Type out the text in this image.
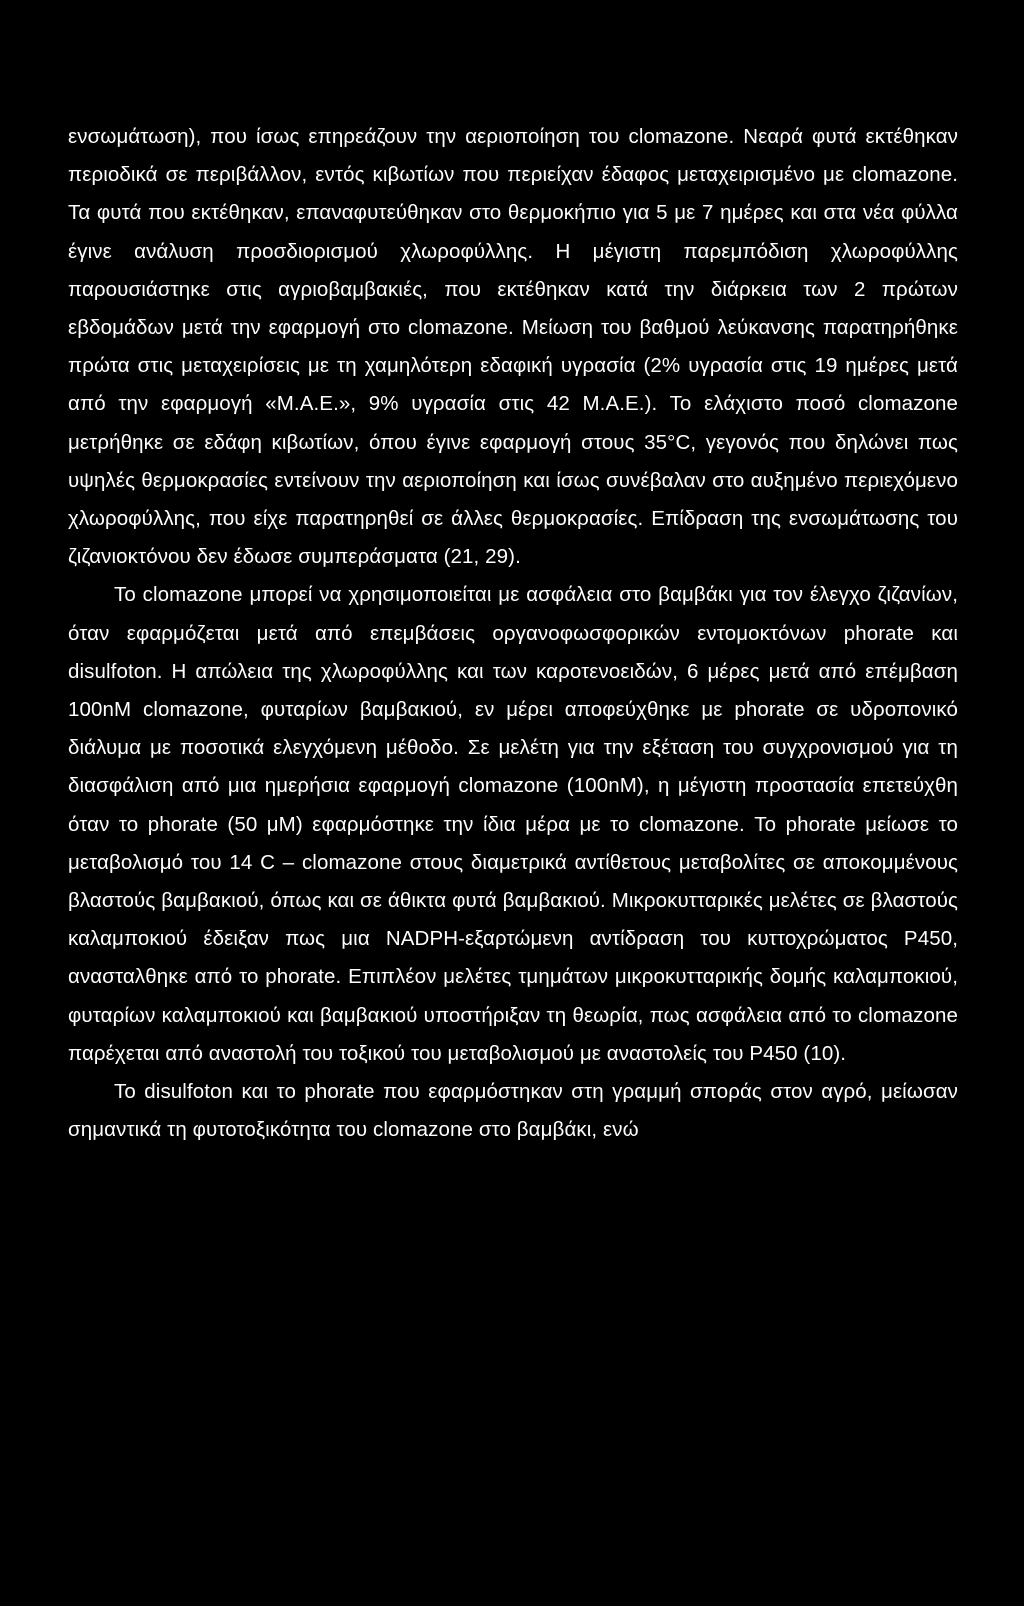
ενσωμάτωση), που ίσως επηρεάζουν την αεριοποίηση του clomazone. Νεαρά φυτά εκτέθηκαν περιοδικά σε περιβάλλον, εντός κιβωτίων που περιείχαν έδαφος μεταχειρισμένο με clomazone. Τα φυτά που εκτέθηκαν, επαναφυτεύθηκαν στο θερμοκήπιο για 5 με 7 ημέρες και στα νέα φύλλα έγινε ανάλυση προσδιορισμού χλωροφύλλης. Η μέγιστη παρεμπόδιση χλωροφύλλης παρουσιάστηκε στις αγριοβαμβακιές, που εκτέθηκαν κατά την διάρκεια των 2 πρώτων εβδομάδων μετά την εφαρμογή στο clomazone. Μείωση του βαθμού λεύκανσης παρατηρήθηκε πρώτα στις μεταχειρίσεις με τη χαμηλότερη εδαφική υγρασία (2% υγρασία στις 19 ημέρες μετά από την εφαρμογή «Μ.Α.Ε.», 9% υγρασία στις 42 Μ.Α.Ε.). Το ελάχιστο ποσό clomazone μετρήθηκε σε εδάφη κιβωτίων, όπου έγινε εφαρμογή στους 35°C, γεγονός που δηλώνει πως υψηλές θερμοκρασίες εντείνουν την αεριοποίηση και ίσως συνέβαλαν στο αυξημένο περιεχόμενο χλωροφύλλης, που είχε παρατηρηθεί σε άλλες θερμοκρασίες. Επίδραση της ενσωμάτωσης του ζιζανιοκτόνου δεν έδωσε συμπεράσματα (21, 29).

Το clomazone μπορεί να χρησιμοποιείται με ασφάλεια στο βαμβάκι για τον έλεγχο ζιζανίων, όταν εφαρμόζεται μετά από επεμβάσεις οργανοφωσφορικών εντομοκτόνων phorate και disulfoton. Η απώλεια της χλωροφύλλης και των καροτενοειδών, 6 μέρες μετά από επέμβαση 100nM clomazone, φυταρίων βαμβακιού, εν μέρει αποφεύχθηκε με phorate σε υδροπονικό διάλυμα με ποσοτικά ελεγχόμενη μέθοδο. Σε μελέτη για την εξέταση του συγχρονισμού για τη διασφάλιση από μια ημερήσια εφαρμογή clomazone (100nM), η μέγιστη προστασία επετεύχθη όταν το phorate (50 μΜ) εφαρμόστηκε την ίδια μέρα με το clomazone. Το phorate μείωσε το μεταβολισμό του 14 C – clomazone στους διαμετρικά αντίθετους μεταβολίτες σε αποκομμένους βλαστούς βαμβακιού, όπως και σε άθικτα φυτά βαμβακιού. Μικροκυτταρικές μελέτες σε βλαστούς καλαμποκιού έδειξαν πως μια NADPH-εξαρτώμενη αντίδραση του κυττοχρώματος P450, ανασταλθηκε από το phorate. Επιπλέον μελέτες τμημάτων μικροκυτταρικής δομής καλαμποκιού, φυταρίων καλαμποκιού και βαμβακιού υποστήριξαν τη θεωρία, πως ασφάλεια από το clomazone παρέχεται από αναστολή του τοξικού του μεταβολισμού με αναστολείς του P450 (10).

Το disulfoton και το phorate που εφαρμόστηκαν στη γραμμή σποράς στον αγρό, μείωσαν σημαντικά τη φυτοτοξικότητα του clomazone στο βαμβάκι, ενώ
